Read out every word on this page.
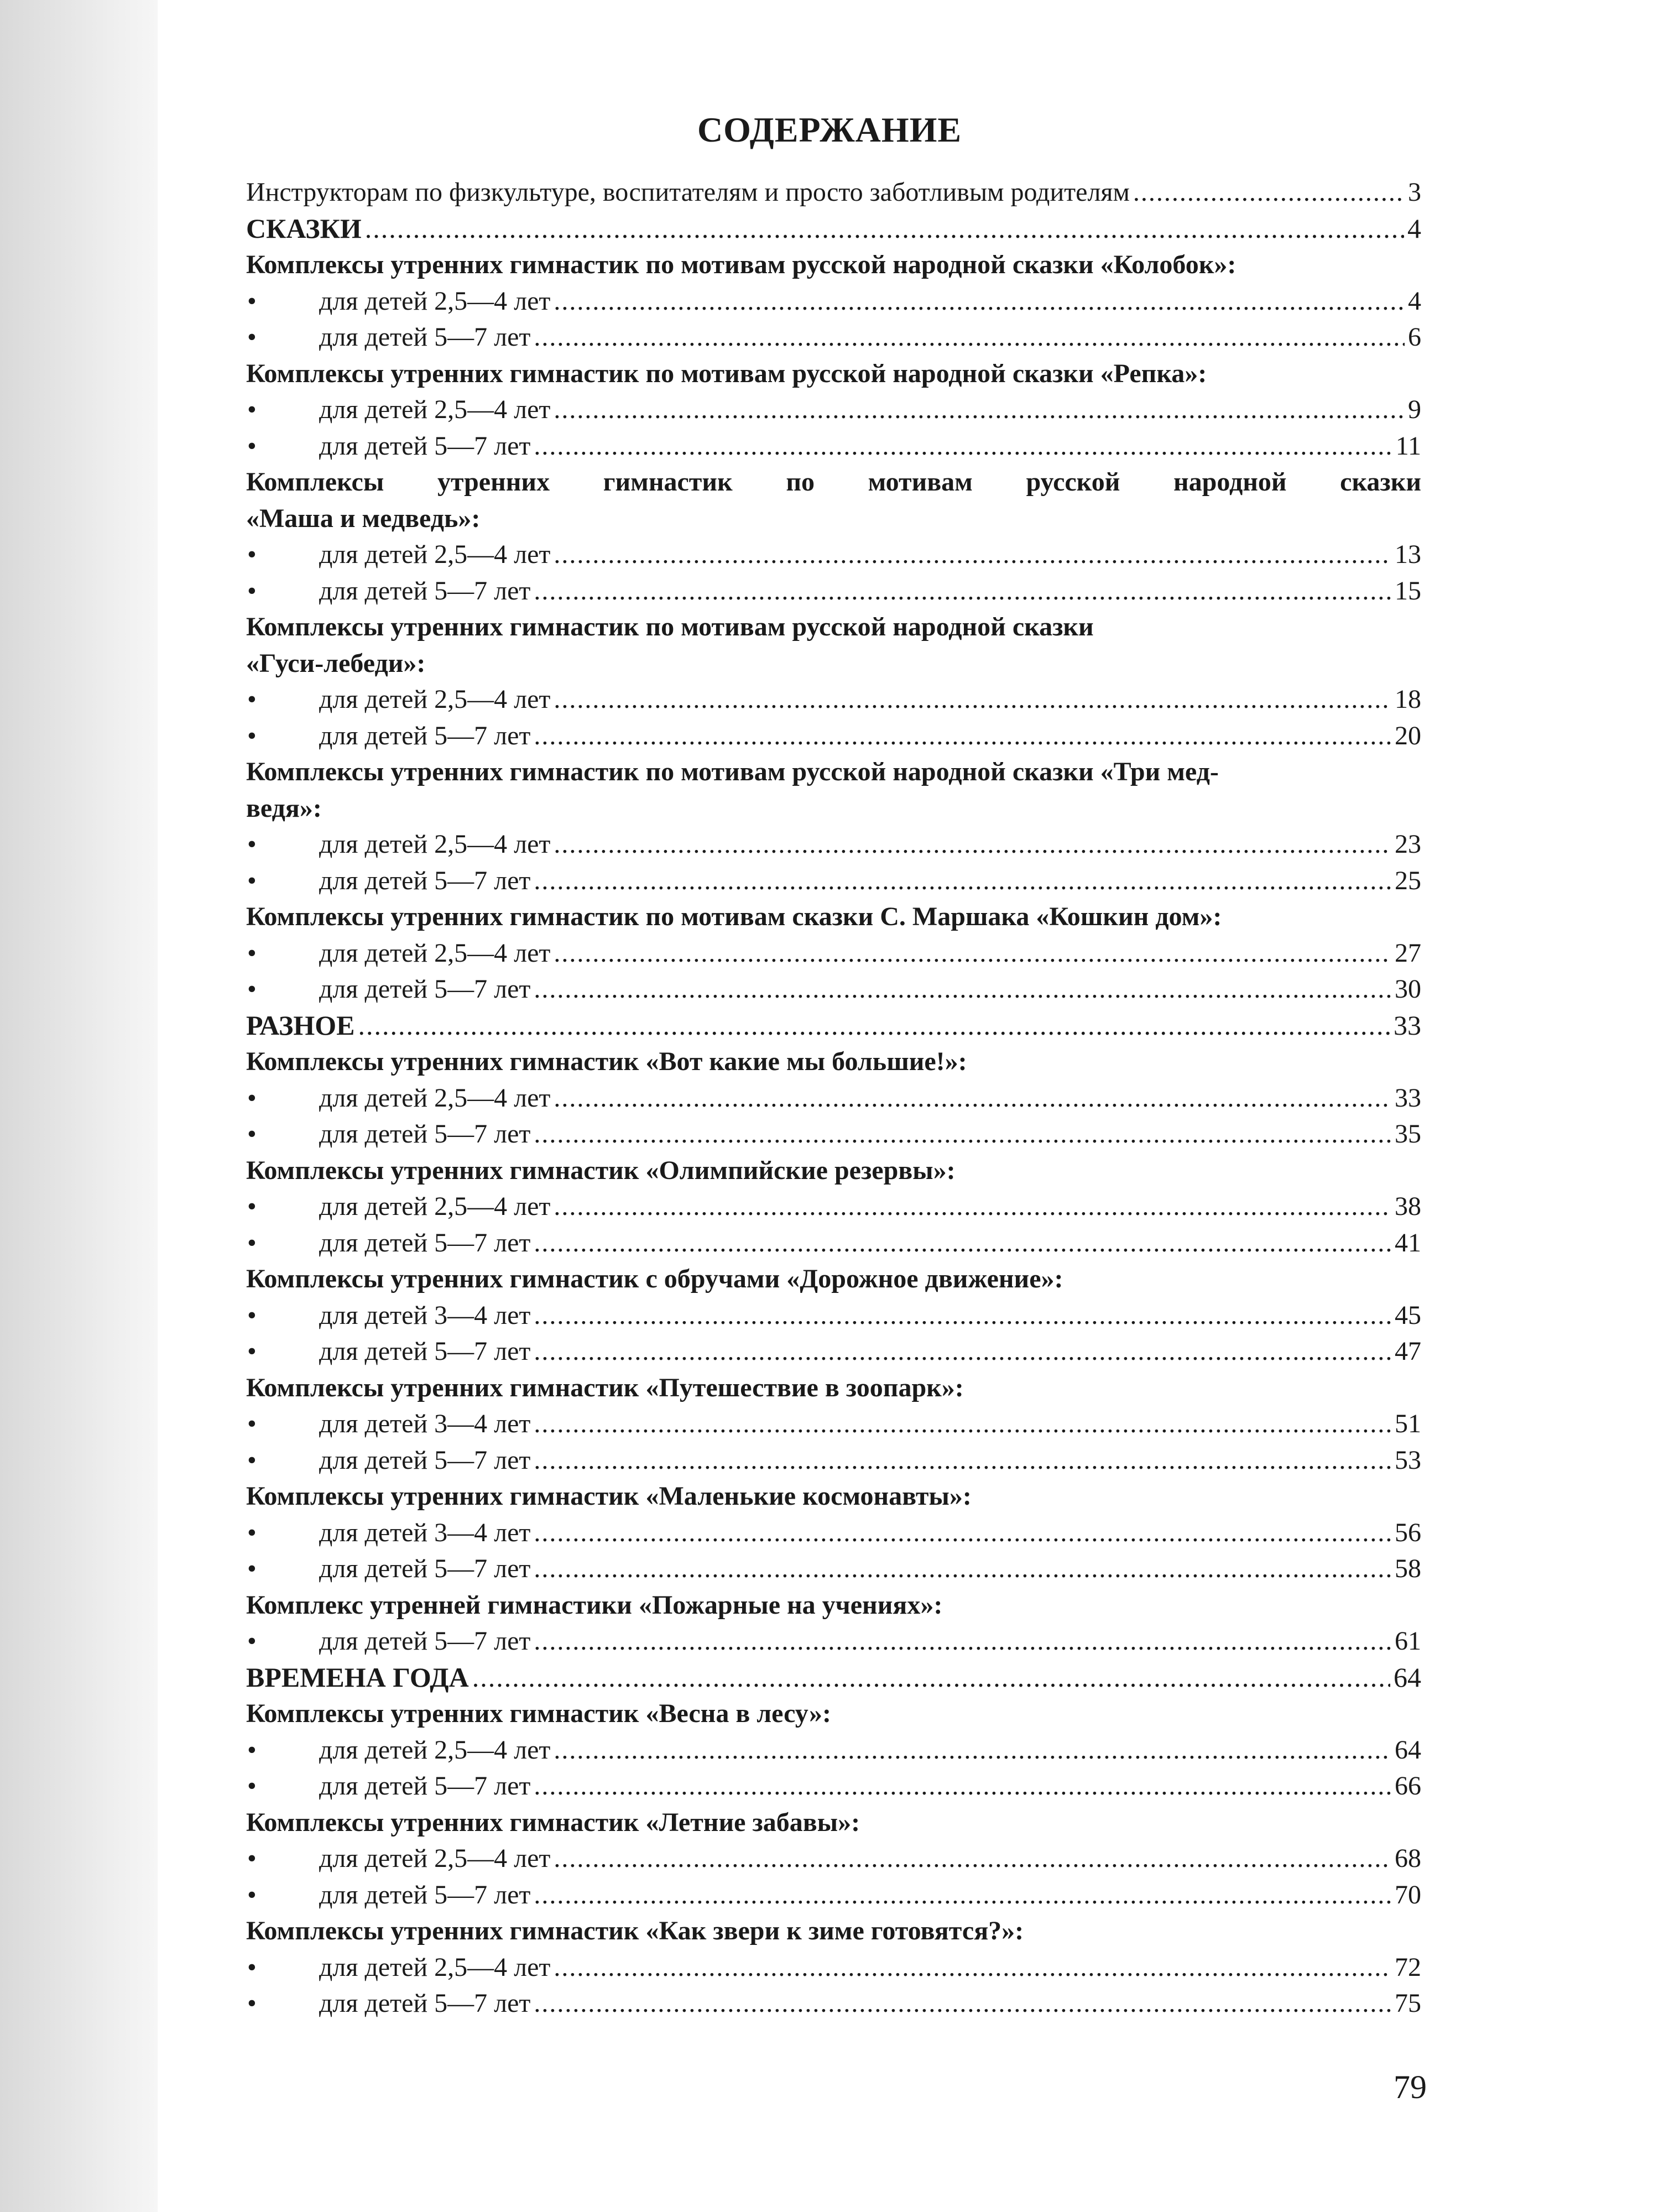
СОДЕРЖАНИЕ
Инструкторам по физкультуре, воспитателям и просто заботливым родителям .....	3
СКАЗКИ .....	4
Комплексы утренних гимнастик по мотивам русской народной сказки «Колобок»:
•	для детей 2,5—4 лет .....	4
•	для детей 5—7 лет .....	6
Комплексы утренних гимнастик по мотивам русской народной сказки «Репка»:
•	для детей 2,5—4 лет .....	9
•	для детей 5—7 лет .....	11
Комплексы утренних гимнастик по мотивам русской народной сказки
«Маша и медведь»:
•	для детей 2,5—4 лет .....	13
•	для детей 5—7 лет .....	15
Комплексы утренних гимнастик по мотивам русской народной сказки
«Гуси-лебеди»:
•	для детей 2,5—4 лет .....	18
•	для детей 5—7 лет .....	20
Комплексы утренних гимнастик по мотивам русской народной сказки «Три мед-
ведя»:
•	для детей 2,5—4 лет .....	23
•	для детей 5—7 лет .....	25
Комплексы утренних гимнастик по мотивам сказки С. Маршака «Кошкин дом»:
•	для детей 2,5—4 лет .....	27
•	для детей 5—7 лет .....	30
РАЗНОЕ .....	33
Комплексы утренних гимнастик «Вот какие мы большие!»:
•	для детей 2,5—4 лет .....	33
•	для детей 5—7 лет .....	35
Комплексы утренних гимнастик «Олимпийские резервы»:
•	для детей 2,5—4 лет .....	38
•	для детей 5—7 лет .....	41
Комплексы утренних гимнастик с обручами «Дорожное движение»:
•	для детей 3—4 лет .....	45
•	для детей 5—7 лет .....	47
Комплексы утренних гимнастик «Путешествие в зоопарк»:
•	для детей 3—4 лет .....	51
•	для детей 5—7 лет .....	53
Комплексы утренних гимнастик «Маленькие космонавты»:
•	для детей 3—4 лет .....	56
•	для детей 5—7 лет .....	58
Комплекс утренней гимнастики «Пожарные на учениях»:
•	для детей 5—7 лет .....	61
ВРЕМЕНА ГОДА .....	64
Комплексы утренних гимнастик «Весна в лесу»:
•	для детей 2,5—4 лет .....	64
•	для детей 5—7 лет .....	66
Комплексы утренних гимнастик «Летние забавы»:
•	для детей 2,5—4 лет .....	68
•	для детей 5—7 лет .....	70
Комплексы утренних гимнастик «Как звери к зиме готовятся?»:
•	для детей 2,5—4 лет .....	72
•	для детей 5—7 лет .....	75
79
